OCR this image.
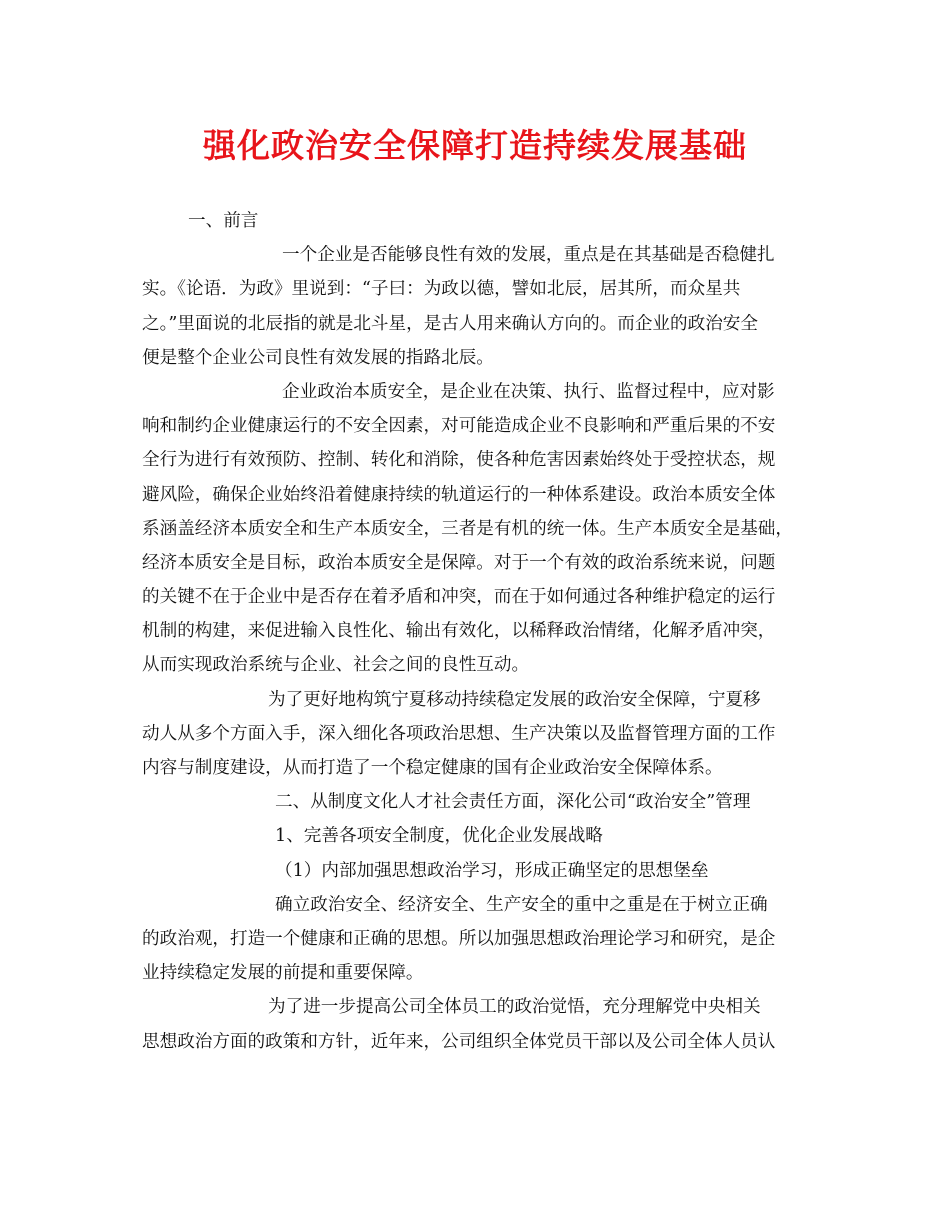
强化政治安全保障打造持续发展基础
一、前言
一个企业是否能够良性有效的发展，重点是在其基础是否稳健扎
实。《论语．为政》里说到：“子曰：为政以德，譬如北辰，居其所，而众星共
之。”里面说的北辰指的就是北斗星，是古人用来确认方向的。而企业的政治安全
便是整个企业公司良性有效发展的指路北辰。
企业政治本质安全，是企业在决策、执行、监督过程中，应对影
响和制约企业健康运行的不安全因素，对可能造成企业不良影响和严重后果的不安
全行为进行有效预防、控制、转化和消除，使各种危害因素始终处于受控状态，规
避风险，确保企业始终沿着健康持续的轨道运行的一种体系建设。政治本质安全体
系涵盖经济本质安全和生产本质安全，三者是有机的统一体。生产本质安全是基础，
经济本质安全是目标，政治本质安全是保障。对于一个有效的政治系统来说，问题
的关键不在于企业中是否存在着矛盾和冲突，而在于如何通过各种维护稳定的运行
机制的构建，来促进输入良性化、输出有效化，以稀释政治情绪，化解矛盾冲突，
从而实现政治系统与企业、社会之间的良性互动。
为了更好地构筑宁夏移动持续稳定发展的政治安全保障，宁夏移
动人从多个方面入手，深入细化各项政治思想、生产决策以及监督管理方面的工作
内容与制度建设，从而打造了一个稳定健康的国有企业政治安全保障体系。
二、从制度文化人才社会责任方面，深化公司“政治安全”管理
1、完善各项安全制度，优化企业发展战略
（1）内部加强思想政治学习，形成正确坚定的思想堡垒
确立政治安全、经济安全、生产安全的重中之重是在于树立正确
的政治观，打造一个健康和正确的思想。所以加强思想政治理论学习和研究，是企
业持续稳定发展的前提和重要保障。
为了进一步提高公司全体员工的政治觉悟，充分理解党中央相关
思想政治方面的政策和方针，近年来，公司组织全体党员干部以及公司全体人员认
